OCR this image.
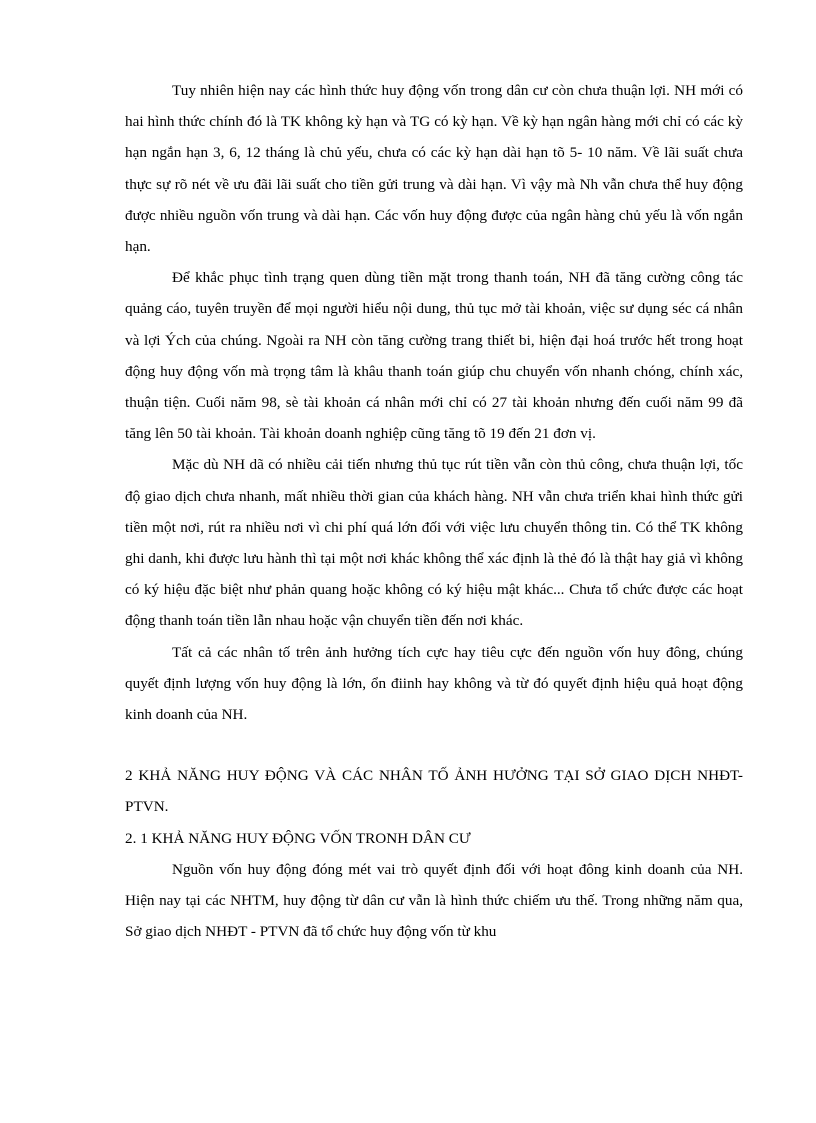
Tuy nhiên hiện nay các hình thức huy động vốn trong dân cư còn chưa thuận lợi. NH mới có hai hình thức chính đó là TK không kỳ hạn và TG có kỳ hạn. Về kỳ hạn ngân hàng mới chỉ có các kỳ hạn ngắn hạn 3, 6, 12 tháng là chủ yếu, chưa có các kỳ hạn dài hạn tõ 5- 10 năm. Về lãi suất chưa thực sự rõ nét về ưu đãi lãi suất cho tiền gửi trung và dài hạn. Vì vậy mà Nh vẫn chưa thể huy động được nhiều nguồn vốn trung và dài hạn. Các vốn huy động được của ngân hàng chủ yếu là vốn ngắn hạn.

Để khắc phục tình trạng quen dùng tiền mặt trong thanh toán, NH đã tăng cường công tác quảng cáo, tuyên truyền để mọi người hiểu nội dung, thủ tục mở tài khoản, việc sư dụng séc cá nhân và lợi Ých của chúng. Ngoài ra NH còn tăng cường trang thiết bi, hiện đại hoá trước hết trong hoạt động huy động vốn mà trọng tâm là khâu thanh toán giúp chu chuyển vốn nhanh chóng, chính xác, thuận tiện. Cuối năm 98, sè tài khoản cá nhân mới chỉ có 27 tài khoản nhưng đến cuối năm 99 đã tăng lên 50 tài khoản. Tài khoản doanh nghiệp cũng tăng tõ 19 đến 21 đơn vị.

Mặc dù NH dã có nhiều cải tiến nhưng thủ tục rút tiền vẫn còn thủ công, chưa thuận lợi, tốc độ giao dịch chưa nhanh, mất nhiều thời gian của khách hàng. NH vẫn chưa triển khai hình thức gửi tiền một nơi, rút ra nhiều nơi vì chi phí quá lớn đối với việc lưu chuyển thông tin. Có thể TK không ghi danh, khi được lưu hành thì tại một nơi khác không thể xác định là thẻ đó là thật hay giả vì không có ký hiệu đặc biệt như phản quang hoặc không có ký hiệu mật khác... Chưa tổ chức được các hoạt động thanh toán tiền lẫn nhau hoặc vận chuyển tiền đến nơi khác.

Tất cả các nhân tố trên ảnh hưởng tích cực hay tiêu cực đến nguồn vốn huy đông, chúng quyết định lượng vốn huy động là lớn, ổn điinh hay không và từ đó quyết định hiệu quả hoạt động kinh doanh của NH.

2 KHẢ NĂNG HUY ĐỘNG VÀ CÁC NHÂN TỐ ẢNH HƯỞNG TẠI SỞ GIAO DỊCH NHĐT-PTVN.

2. 1 KHẢ NĂNG HUY ĐỘNG VỐN TRONH DÂN CƯ

Nguồn vốn huy động đóng mét vai trò quyết định đối với hoạt đông kinh doanh của NH. Hiện nay tại các NHTM, huy động từ dân cư vẫn là hình thức chiếm ưu thế. Trong những năm qua, Sở giao dịch NHĐT - PTVN đã tổ chức huy động vốn từ khu
